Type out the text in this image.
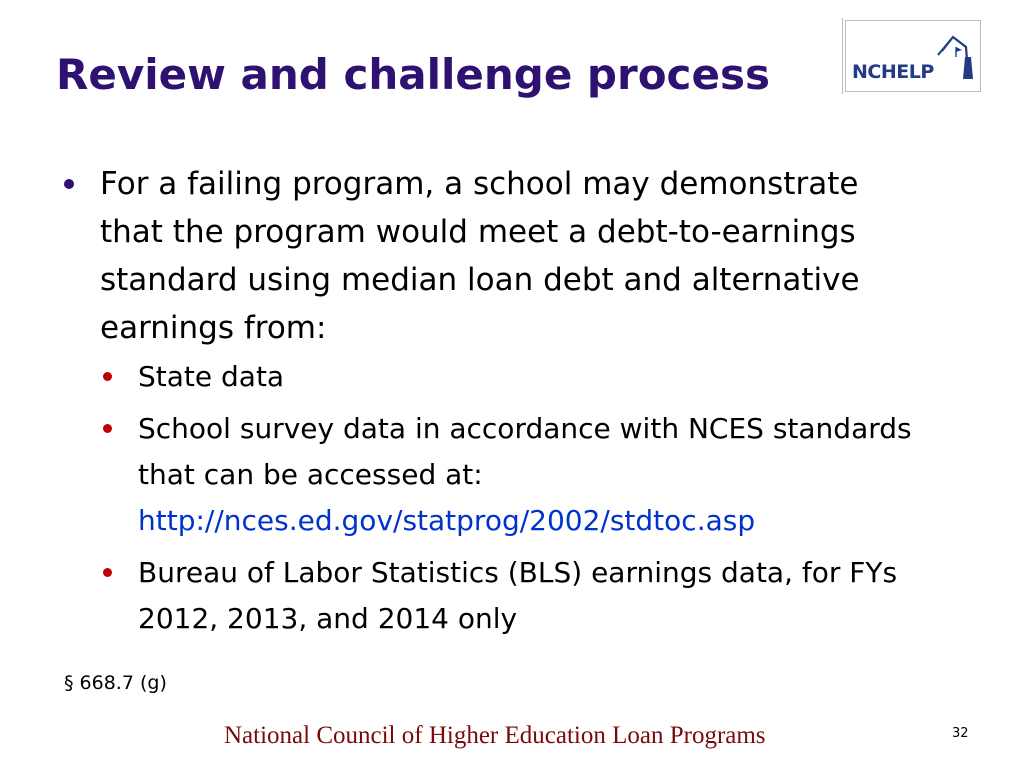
Review and challenge process	NCHELP
For a failing program, a school may demonstrate that the program would meet a debt-to-earnings standard using median loan debt and alternative earnings from:
State data
School survey data in accordance with NCES standards that can be accessed at:
http://nces.ed.gov/statprog/2002/stdtoc.asp
Bureau of Labor Statistics (BLS) earnings data, for FYs 2012, 2013, and 2014 only
§ 668.7 (g)
National Council of Higher Education Loan Programs	32
